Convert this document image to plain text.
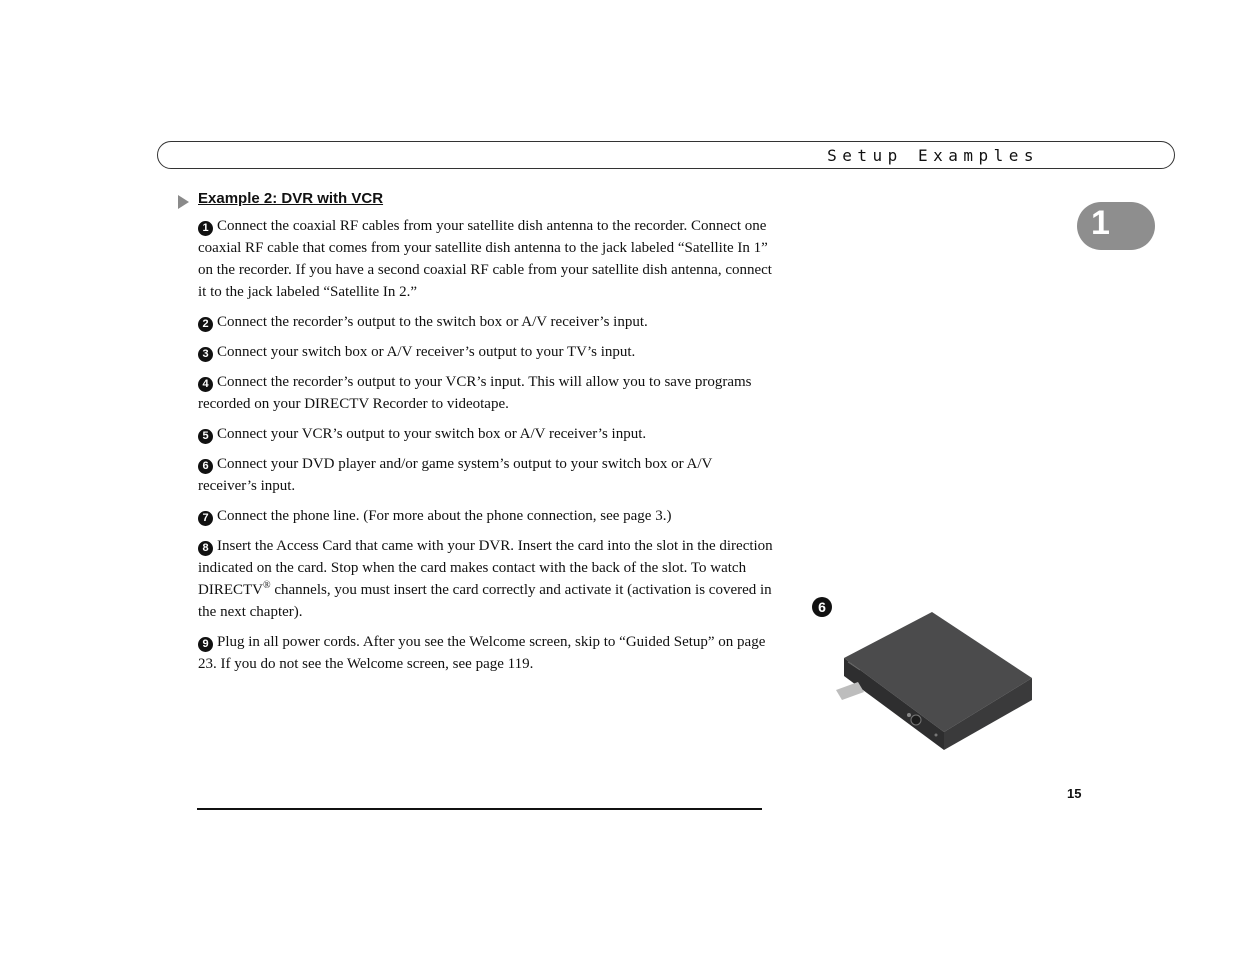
Setup Examples
1
Example 2: DVR with VCR

1 Connect the coaxial RF cables from your satellite dish antenna to the recorder. Connect one coaxial RF cable that comes from your satellite dish antenna to the jack labeled “Satellite In 1” on the recorder. If you have a second coaxial RF cable from your satellite dish antenna, connect it to the jack labeled “Satellite In 2.”

2 Connect the recorder’s output to the switch box or A/V receiver’s input.

3 Connect your switch box or A/V receiver’s output to your TV’s input.

4 Connect the recorder’s output to your VCR’s input. This will allow you to save programs recorded on your DIRECTV Recorder to videotape.

5 Connect your VCR’s output to your switch box or A/V receiver’s input.

6 Connect your DVD player and/or game system’s output to your switch box or A/V receiver’s input.

7 Connect the phone line. (For more about the phone connection, see page 3.)

8 Insert the Access Card that came with your DVR. Insert the card into the slot in the direction indicated on the card. Stop when the card makes contact with the back of the slot. To watch DIRECTV® channels, you must insert the card correctly and activate it (activation is covered in the next chapter).

9 Plug in all power cords. After you see the Welcome screen, skip to “Guided Setup” on page 23. If you do not see the Welcome screen, see page 119.

6
15
